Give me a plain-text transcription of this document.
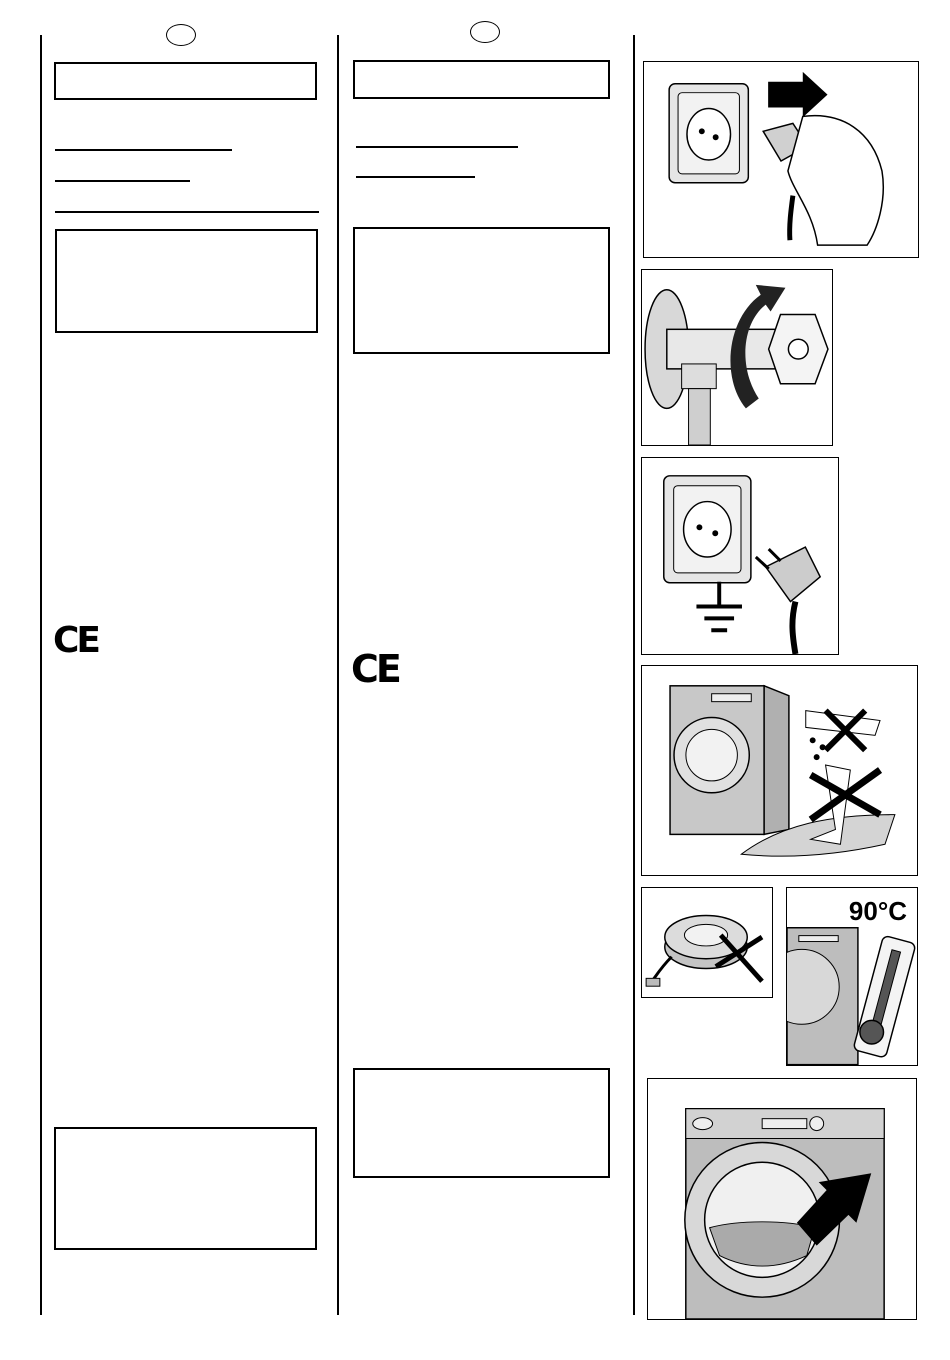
CE
CE
90°C
